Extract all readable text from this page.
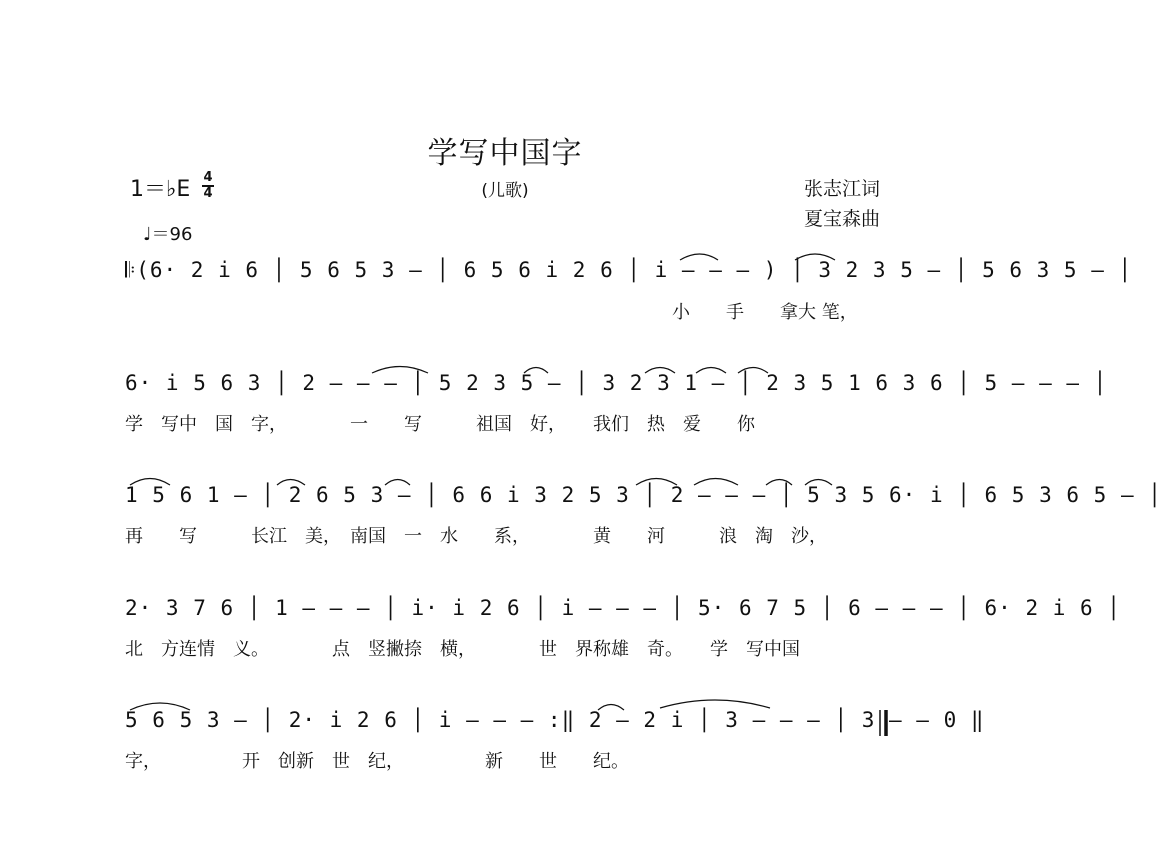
学写中国字
(儿歌)	张志江词
夏宝森曲
1＝♭E 4
4
♩＝96
𝄆(6· 2 i 6 │ 5 6 5 3 — │ 6 5 6 i 2 6 │ i — — — ) │ 3 2 3 5 — │ 5 6 3 5 — │
小　　手　　拿大 笔，
6· i 5 6 3 │ 2 — — — │ 5 2 3 5 — │ 3 2 3 1 — │ 2 3 5 1 6 3 6 │ 5 — — — │
学　写中　国　字，　　　　一　　写　　　祖国　好，　　我们　热　爱　　你
1 5 6 1 — │ 2 6 5 3 — │ 6 6 i 3 2 5 3 │ 2 — — — │ 5 3 5 6· i │ 6 5 3 6 5 — │
再　　写　　　长江　美，　南国　一　水　　系，　　　　黄　　河　　　浪　淘　沙，
2· 3 7 6 │ 1 — — — │ i· i 2 6 │ i — — — │ 5· 6 7 5 │ 6 — — — │ 6· 2 i 6 │
北　方连情　义。　　　　点　竖撇捺　横，　　　　世　界称雄　奇。　　学　写中国
5 6 5 3 — │ 2· i 2 6 │ i — — — :‖ 2 — 2 i │ 3 — — — │ 3 — — 0 ‖
字，　　　　　开　创新　世　纪，　　　　　新　　世　　纪。
